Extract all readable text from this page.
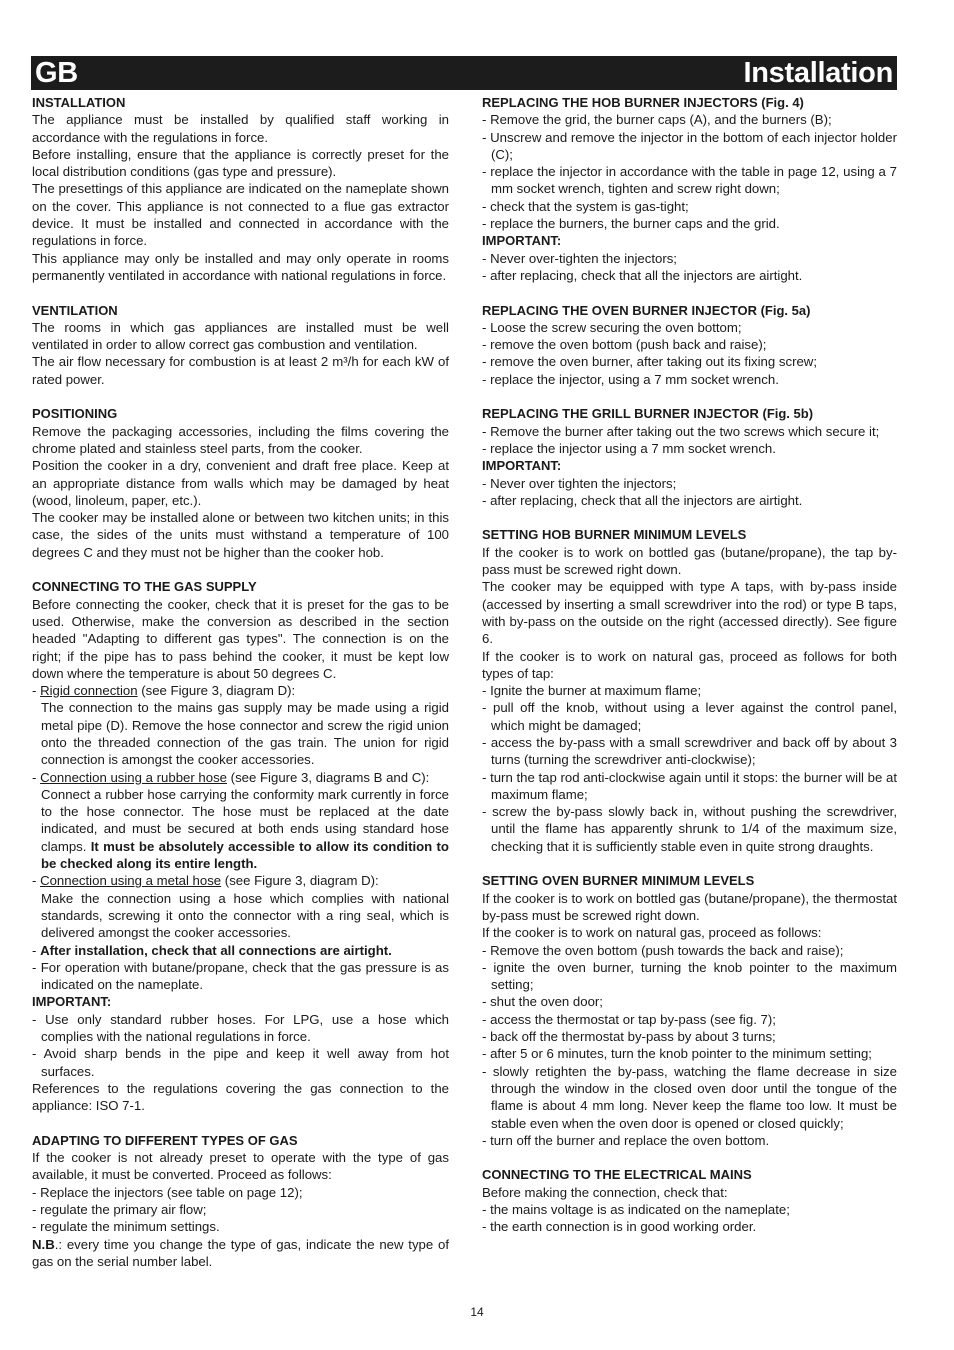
GB	Installation

INSTALLATION

The appliance must be installed by qualified staff working in accordance with the regulations in force.

Before installing, ensure that the appliance is correctly preset for the local distribution conditions (gas type and pressure).

The presettings of this appliance are indicated on the nameplate shown on the cover. This appliance is not connected to a flue gas extractor device. It must be installed and connected in accordance with the regulations in force.

This appliance may only be installed and may only operate in rooms permanently ventilated in accordance with national regulations in force.

VENTILATION

The rooms in which gas appliances are installed must be well ventilated in order to allow correct gas combustion and ventilation.

The air flow necessary for combustion is at least 2 m³/h for each kW of rated power.

POSITIONING

Remove the packaging accessories, including the films covering the chrome plated and stainless steel parts, from the cooker.

Position the cooker in a dry, convenient and draft free place. Keep at an appropriate distance from walls which may be damaged by heat (wood, linoleum, paper, etc.).

The cooker may be installed alone or between two kitchen units; in this case, the sides of the units must withstand a temperature of 100 degrees C and they must not be higher than the cooker hob.

CONNECTING TO THE GAS SUPPLY

Before connecting the cooker, check that it is preset for the gas to be used. Otherwise, make the conversion as described in the section headed "Adapting to different gas types". The connection is on the right; if the pipe has to pass behind the cooker, it must be kept low down where the temperature is about 50 degrees C.

- Rigid connection (see Figure 3, diagram D):

The connection to the mains gas supply may be made using a rigid metal pipe (D). Remove the hose connector and screw the rigid union onto the threaded connection of the gas train. The union for rigid connection is amongst the cooker accessories.

- Connection using a rubber hose (see Figure 3, diagrams B and C):

Connect a rubber hose carrying the conformity mark currently in force to the hose connector. The hose must be replaced at the date indicated, and must be secured at both ends using standard hose clamps. It must be absolutely accessible to allow its condition to be checked along its entire length.

- Connection using a metal hose (see Figure 3, diagram D):

Make the connection using a hose which complies with national standards, screwing it onto the connector with a ring seal, which is delivered amongst the cooker accessories.

- After installation, check that all connections are airtight.

- For operation with butane/propane, check that the gas pressure is as indicated on the nameplate.

IMPORTANT:

- Use only standard rubber hoses. For LPG, use a hose which complies with the national regulations in force.

- Avoid sharp bends in the pipe and keep it well away from hot surfaces.

References to the regulations covering the gas connection to the appliance: ISO 7-1.

ADAPTING TO DIFFERENT TYPES OF GAS

If the cooker is not already preset to operate with the type of gas available, it must be converted. Proceed as follows:

- Replace the injectors (see table on page 12);

- regulate the primary air flow;

- regulate the minimum settings.

N.B.: every time you change the type of gas, indicate the new type of gas on the serial number label.

REPLACING THE HOB BURNER INJECTORS (Fig. 4)

- Remove the grid, the burner caps (A), and the burners (B);

- Unscrew and remove the injector in the bottom of each injector holder (C);

- replace the injector in accordance with the table in page 12, using a 7 mm socket wrench, tighten and screw right down;

- check that the system is gas-tight;

- replace the burners, the burner caps and the grid.

IMPORTANT:

- Never over-tighten the injectors;

- after replacing, check that all the injectors are airtight.

REPLACING THE OVEN BURNER INJECTOR (Fig. 5a)

- Loose the screw securing the oven bottom;

- remove the oven bottom (push back and raise);

- remove the oven burner, after taking out its fixing screw;

- replace the injector, using a 7 mm socket wrench.

REPLACING THE GRILL BURNER INJECTOR (Fig. 5b)

- Remove the burner after taking out the two screws which secure it;

- replace the injector using a 7 mm socket wrench.

IMPORTANT:

- Never over tighten the injectors;

- after replacing, check that all the injectors are airtight.

SETTING HOB BURNER MINIMUM LEVELS

If the cooker is to work on bottled gas (butane/propane), the tap by-pass must be screwed right down.

The cooker may be equipped with type A taps, with by-pass inside (accessed by inserting a small screwdriver into the rod) or type B taps, with by-pass on the outside on the right (accessed directly). See figure 6.

If the cooker is to work on natural gas, proceed as follows for both types of tap:

- Ignite the burner at maximum flame;

- pull off the knob, without using a lever against the control panel, which might be damaged;

- access the by-pass with a small screwdriver and back off by about 3 turns (turning the screwdriver anti-clockwise);

- turn the tap rod anti-clockwise again until it stops: the burner will be at maximum flame;

- screw the by-pass slowly back in, without pushing the screwdriver, until the flame has apparently shrunk to 1/4 of the maximum size, checking that it is sufficiently stable even in quite strong draughts.

SETTING OVEN BURNER MINIMUM LEVELS

If the cooker is to work on bottled gas (butane/propane), the thermostat by-pass must be screwed right down.

If the cooker is to work on natural gas, proceed as follows:

- Remove the oven bottom (push towards the back and raise);

- ignite the oven burner, turning the knob pointer to the maximum setting;

- shut the oven door;

- access the thermostat or tap by-pass (see fig. 7);

- back off the thermostat by-pass by about 3 turns;

- after 5 or 6 minutes, turn the knob pointer to the minimum setting;

- slowly retighten the by-pass, watching the flame decrease in size through the window in the closed oven door until the tongue of the flame is about 4 mm long. Never keep the flame too low. It must be stable even when the oven door is opened or closed quickly;

- turn off the burner and replace the oven bottom.

CONNECTING TO THE ELECTRICAL MAINS

Before making the connection, check that:

- the mains voltage is as indicated on the nameplate;

- the earth connection is in good working order.

14
